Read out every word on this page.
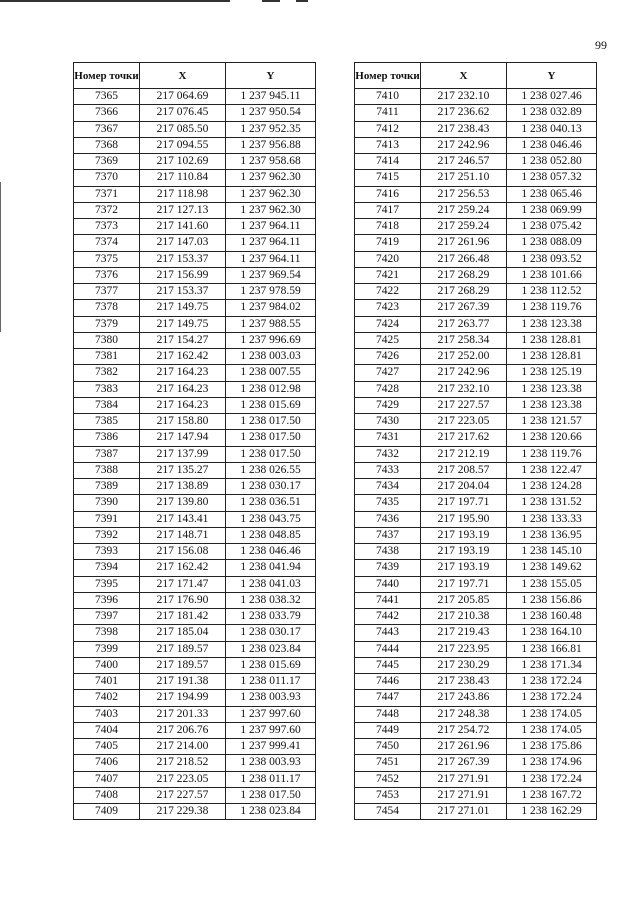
99
Номер точки	X	Y
7365	217 064.69	1 237 945.11
7366	217 076.45	1 237 950.54
7367	217 085.50	1 237 952.35
7368	217 094.55	1 237 956.88
7369	217 102.69	1 237 958.68
7370	217 110.84	1 237 962.30
7371	217 118.98	1 237 962.30
7372	217 127.13	1 237 962.30
7373	217 141.60	1 237 964.11
7374	217 147.03	1 237 964.11
7375	217 153.37	1 237 964.11
7376	217 156.99	1 237 969.54
7377	217 153.37	1 237 978.59
7378	217 149.75	1 237 984.02
7379	217 149.75	1 237 988.55
7380	217 154.27	1 237 996.69
7381	217 162.42	1 238 003.03
7382	217 164.23	1 238 007.55
7383	217 164.23	1 238 012.98
7384	217 164.23	1 238 015.69
7385	217 158.80	1 238 017.50
7386	217 147.94	1 238 017.50
7387	217 137.99	1 238 017.50
7388	217 135.27	1 238 026.55
7389	217 138.89	1 238 030.17
7390	217 139.80	1 238 036.51
7391	217 143.41	1 238 043.75
7392	217 148.71	1 238 048.85
7393	217 156.08	1 238 046.46
7394	217 162.42	1 238 041.94
7395	217 171.47	1 238 041.03
7396	217 176.90	1 238 038.32
7397	217 181.42	1 238 033.79
7398	217 185.04	1 238 030.17
7399	217 189.57	1 238 023.84
7400	217 189.57	1 238 015.69
7401	217 191.38	1 238 011.17
7402	217 194.99	1 238 003.93
7403	217 201.33	1 237 997.60
7404	217 206.76	1 237 997.60
7405	217 214.00	1 237 999.41
7406	217 218.52	1 238 003.93
7407	217 223.05	1 238 011.17
7408	217 227.57	1 238 017.50
7409	217 229.38	1 238 023.84
Номер точки	X	Y
7410	217 232.10	1 238 027.46
7411	217 236.62	1 238 032.89
7412	217 238.43	1 238 040.13
7413	217 242.96	1 238 046.46
7414	217 246.57	1 238 052.80
7415	217 251.10	1 238 057.32
7416	217 256.53	1 238 065.46
7417	217 259.24	1 238 069.99
7418	217 259.24	1 238 075.42
7419	217 261.96	1 238 088.09
7420	217 266.48	1 238 093.52
7421	217 268.29	1 238 101.66
7422	217 268.29	1 238 112.52
7423	217 267.39	1 238 119.76
7424	217 263.77	1 238 123.38
7425	217 258.34	1 238 128.81
7426	217 252.00	1 238 128.81
7427	217 242.96	1 238 125.19
7428	217 232.10	1 238 123.38
7429	217 227.57	1 238 123.38
7430	217 223.05	1 238 121.57
7431	217 217.62	1 238 120.66
7432	217 212.19	1 238 119.76
7433	217 208.57	1 238 122.47
7434	217 204.04	1 238 124.28
7435	217 197.71	1 238 131.52
7436	217 195.90	1 238 133.33
7437	217 193.19	1 238 136.95
7438	217 193.19	1 238 145.10
7439	217 193.19	1 238 149.62
7440	217 197.71	1 238 155.05
7441	217 205.85	1 238 156.86
7442	217 210.38	1 238 160.48
7443	217 219.43	1 238 164.10
7444	217 223.95	1 238 166.81
7445	217 230.29	1 238 171.34
7446	217 238.43	1 238 172.24
7447	217 243.86	1 238 172.24
7448	217 248.38	1 238 174.05
7449	217 254.72	1 238 174.05
7450	217 261.96	1 238 175.86
7451	217 267.39	1 238 174.96
7452	217 271.91	1 238 172.24
7453	217 271.91	1 238 167.72
7454	217 271.01	1 238 162.29
